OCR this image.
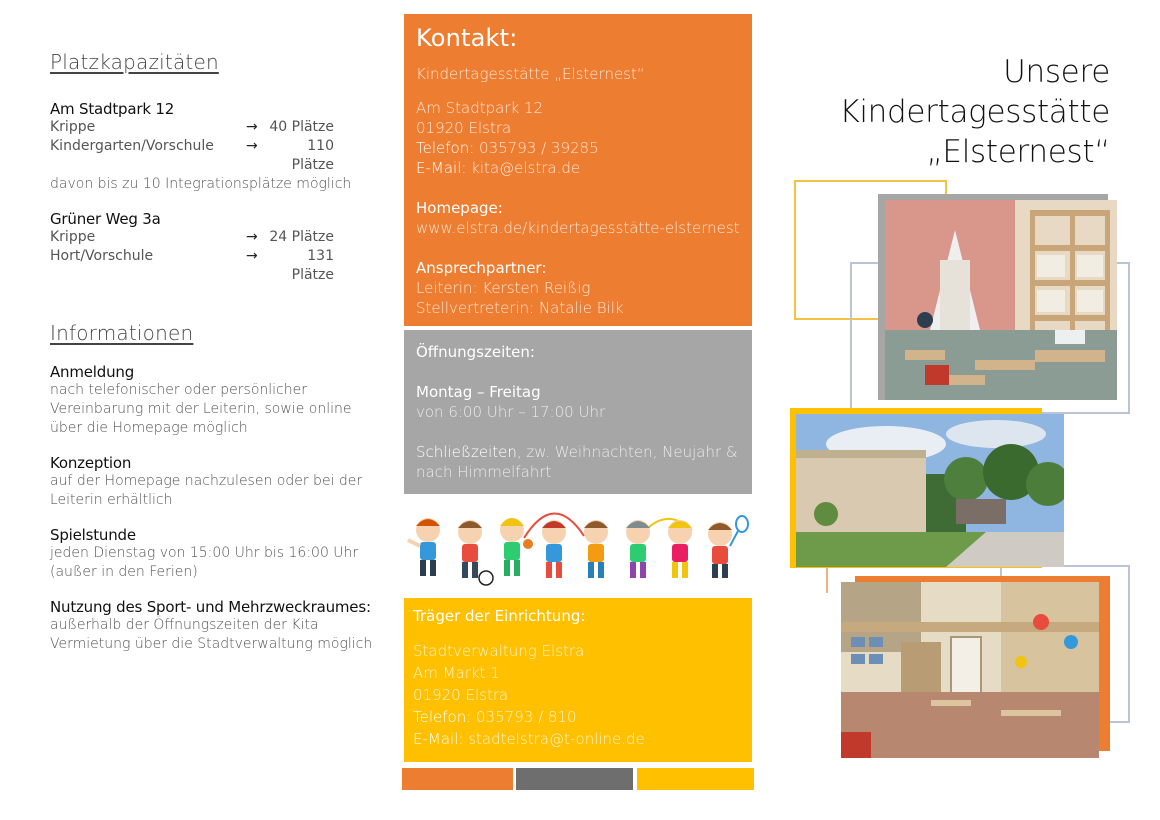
Platzkapazitäten
Am Stadtpark 12
Krippe	→ 40 Plätze
Kindergarten/Vorschule	→	110 Plätze
davon bis zu 10 Integrationsplätze möglich
Grüner Weg 3a
Krippe	→ 24 Plätze
Hort/Vorschule	→	131 Plätze
Informationen
Anmeldung
nach telefonischer oder persönlicher Vereinbarung mit der Leiterin, sowie online über die Homepage möglich
Konzeption
auf der Homepage nachzulesen oder bei der Leiterin erhältlich
Spielstunde
jeden Dienstag von 15:00 Uhr bis 16:00 Uhr (außer in den Ferien)
Nutzung des Sport- und Mehrzweckraumes:
außerhalb der Öffnungszeiten der Kita Vermietung über die Stadtverwaltung möglich
Kontakt:
Kindertagesstätte „Elsternest“
Am Stadtpark 12
01920 Elstra
Telefon: 035793 / 39285
E-Mail: kita@elstra.de
Homepage:
www.elstra.de/kindertagesstätte-elsternest
Ansprechpartner:
Leiterin: Kersten Reißig
Stellvertreterin: Natalie Bilk
Öffnungszeiten:
Montag – Freitag
von 6:00 Uhr – 17:00 Uhr
Schließzeiten, zw. Weihnachten, Neujahr & nach Himmelfahrt
Träger der Einrichtung:
Stadtverwaltung Elstra
Am Markt 1
01920 Elstra
Telefon: 035793 / 810
E-Mail: stadtelstra@t-online.de
Unsere
Kindertagesstätte
„Elsternest“
